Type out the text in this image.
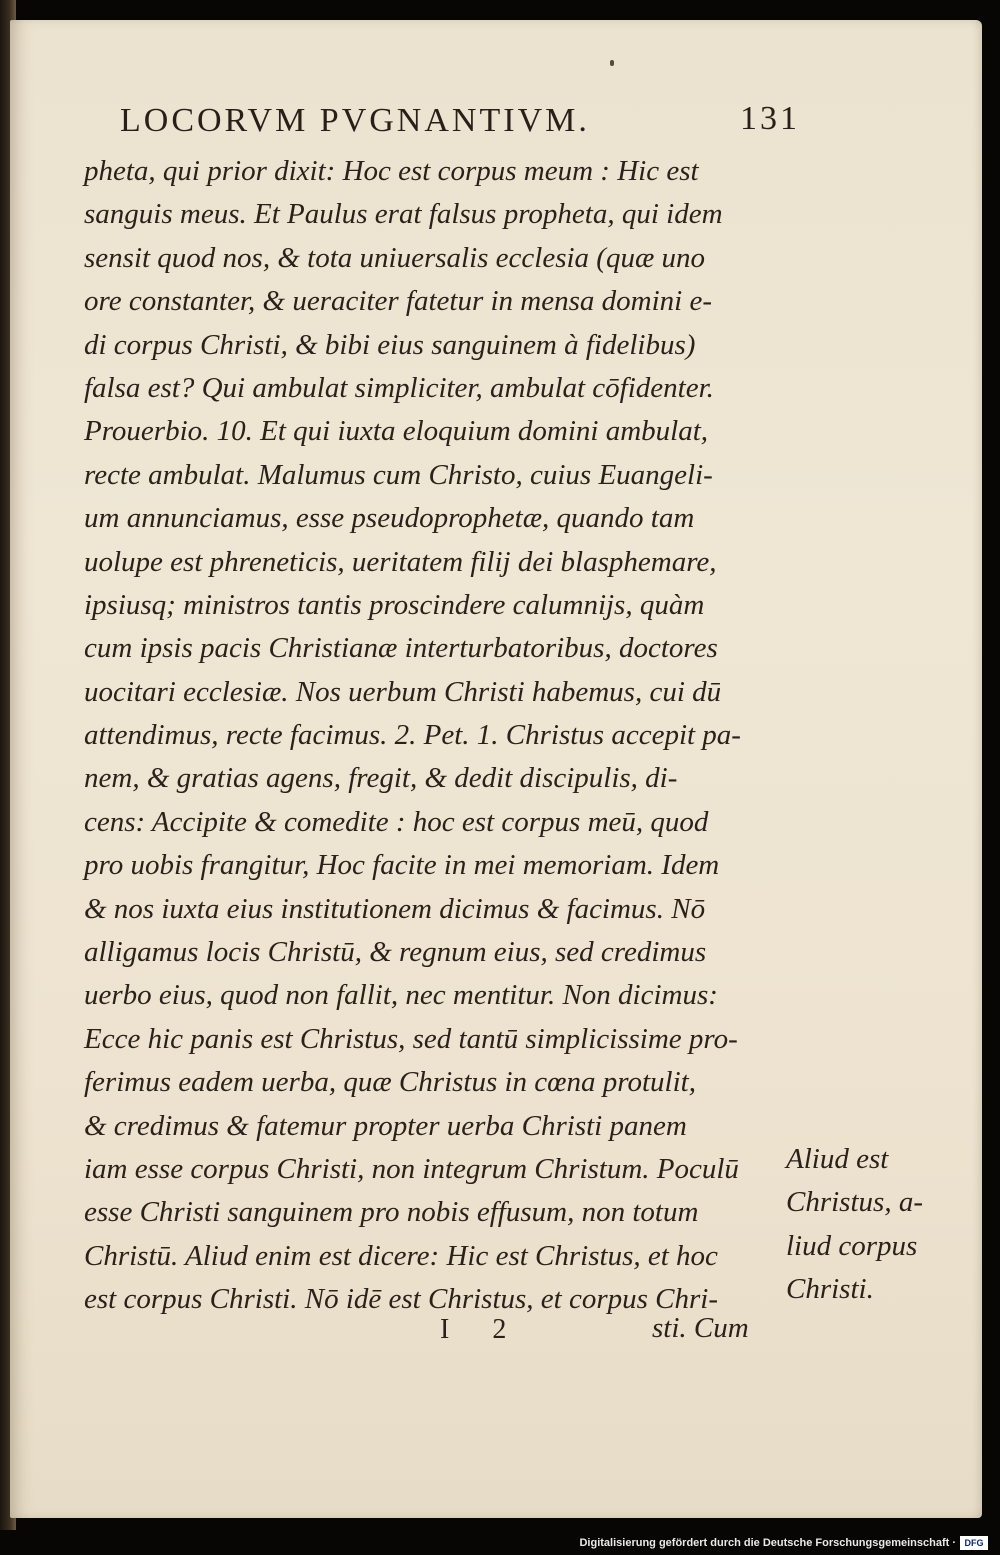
LOCORVM PVGNANTIVM.	131
pheta, qui prior dixit: Hoc est corpus meum : Hic est
sanguis meus. Et Paulus erat falsus propheta, qui idem
sensit quod nos, & tota uniuersalis ecclesia (quæ uno
ore constanter, & ueraciter fatetur in mensa domini e-
di corpus Christi, & bibi eius sanguinem à fidelibus)
falsa est? Qui ambulat simpliciter, ambulat cōfidenter.
Prouerbio. 10. Et qui iuxta eloquium domini ambulat,
recte ambulat. Malumus cum Christo, cuius Euangeli-
um annunciamus, esse pseudoprophetæ, quando tam
uolupe est phreneticis, ueritatem filij dei blasphemare,
ipsiusq; ministros tantis proscindere calumnijs, quàm
cum ipsis pacis Christianæ interturbatoribus, doctores
uocitari ecclesiæ. Nos uerbum Christi habemus, cui dū
attendimus, recte facimus. 2. Pet. 1. Christus accepit pa-
nem, & gratias agens, fregit, & dedit discipulis, di-
cens: Accipite & comedite : hoc est corpus meū, quod
pro uobis frangitur, Hoc facite in mei memoriam. Idem
& nos iuxta eius institutionem dicimus & facimus. Nō
alligamus locis Christū, & regnum eius, sed credimus
uerbo eius, quod non fallit, nec mentitur. Non dicimus:
Ecce hic panis est Christus, sed tantū simplicissime pro-
ferimus eadem uerba, quæ Christus in cœna protulit,
& credimus & fatemur propter uerba Christi panem
iam esse corpus Christi, non integrum Christum. Poculū
esse Christi sanguinem pro nobis effusum, non totum
Christū. Aliud enim est dicere: Hic est Christus, et hoc
est corpus Christi. Nō idē est Christus, et corpus Chri-
Aliud est
Christus, a-
liud corpus
Christi.
I 2	sti. Cum
Digitalisierung gefördert durch die Deutsche Forschungsgemeinschaft · DFG
